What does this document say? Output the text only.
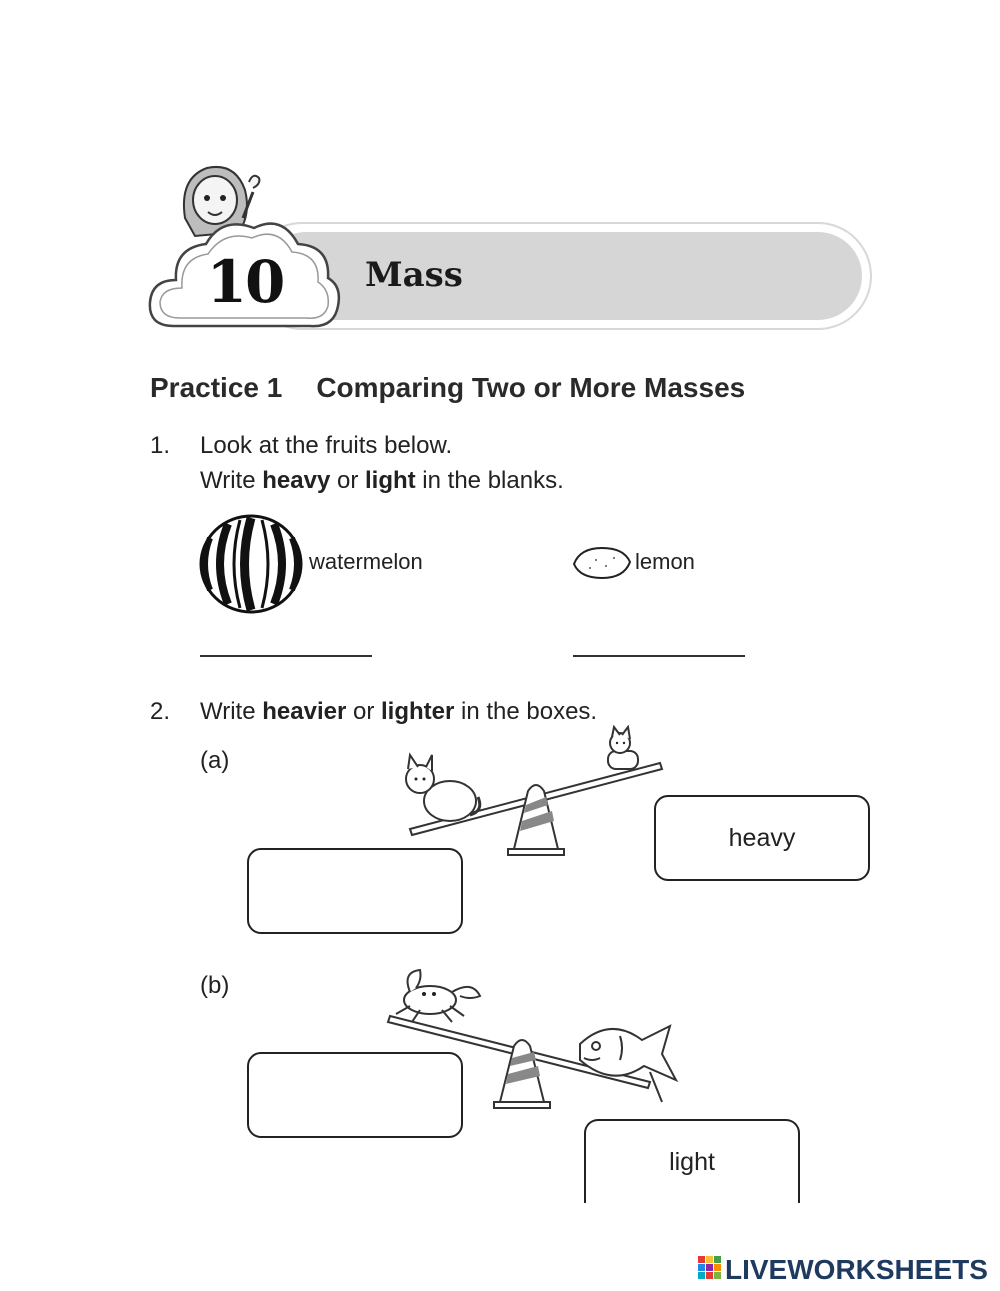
10	Mass
Practice 1 Comparing Two or More Masses
1. Look at the fruits below.
Write heavy or light in the blanks.
watermelon	lemon
2. Write heavier or lighter in the boxes.
(a)
heavy
(b)
light
LIVEWORKSHEETS
